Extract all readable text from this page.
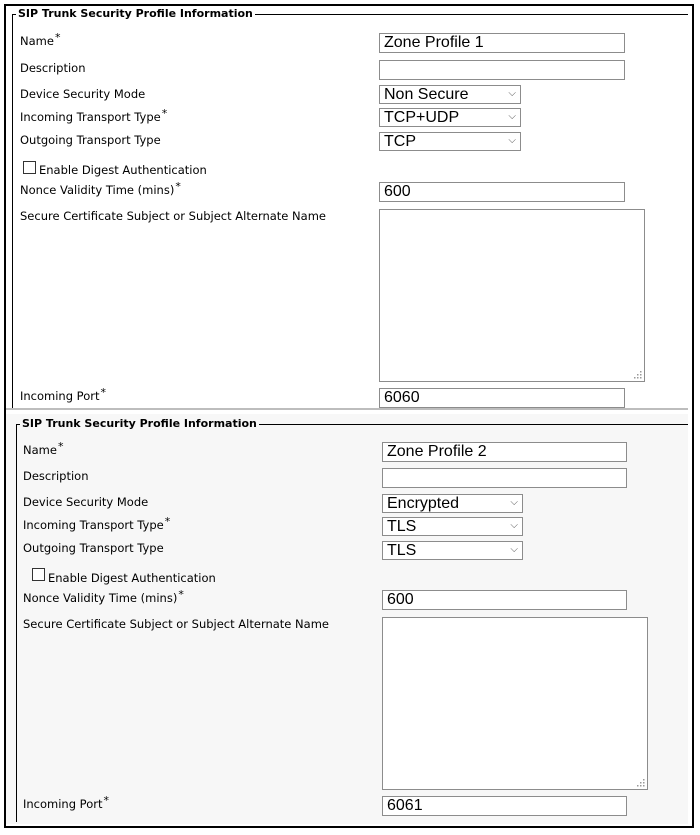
SIP Trunk Security Profile Information
Name*	Zone Profile 1
Description
Device Security Mode	Non Secure	⌵
Incoming Transport Type*	TCP+UDP	⌵
Outgoing Transport Type	TCP	⌵
Enable Digest Authentication
Nonce Validity Time (mins)*	600
Secure Certificate Subject or Subject Alternate Name
Incoming Port*	6060
SIP Trunk Security Profile Information
Name*	Zone Profile 2
Description
Device Security Mode	Encrypted	⌵
Incoming Transport Type*	TLS	⌵
Outgoing Transport Type	TLS	⌵
Enable Digest Authentication
Nonce Validity Time (mins)*	600
Secure Certificate Subject or Subject Alternate Name
Incoming Port*	6061
